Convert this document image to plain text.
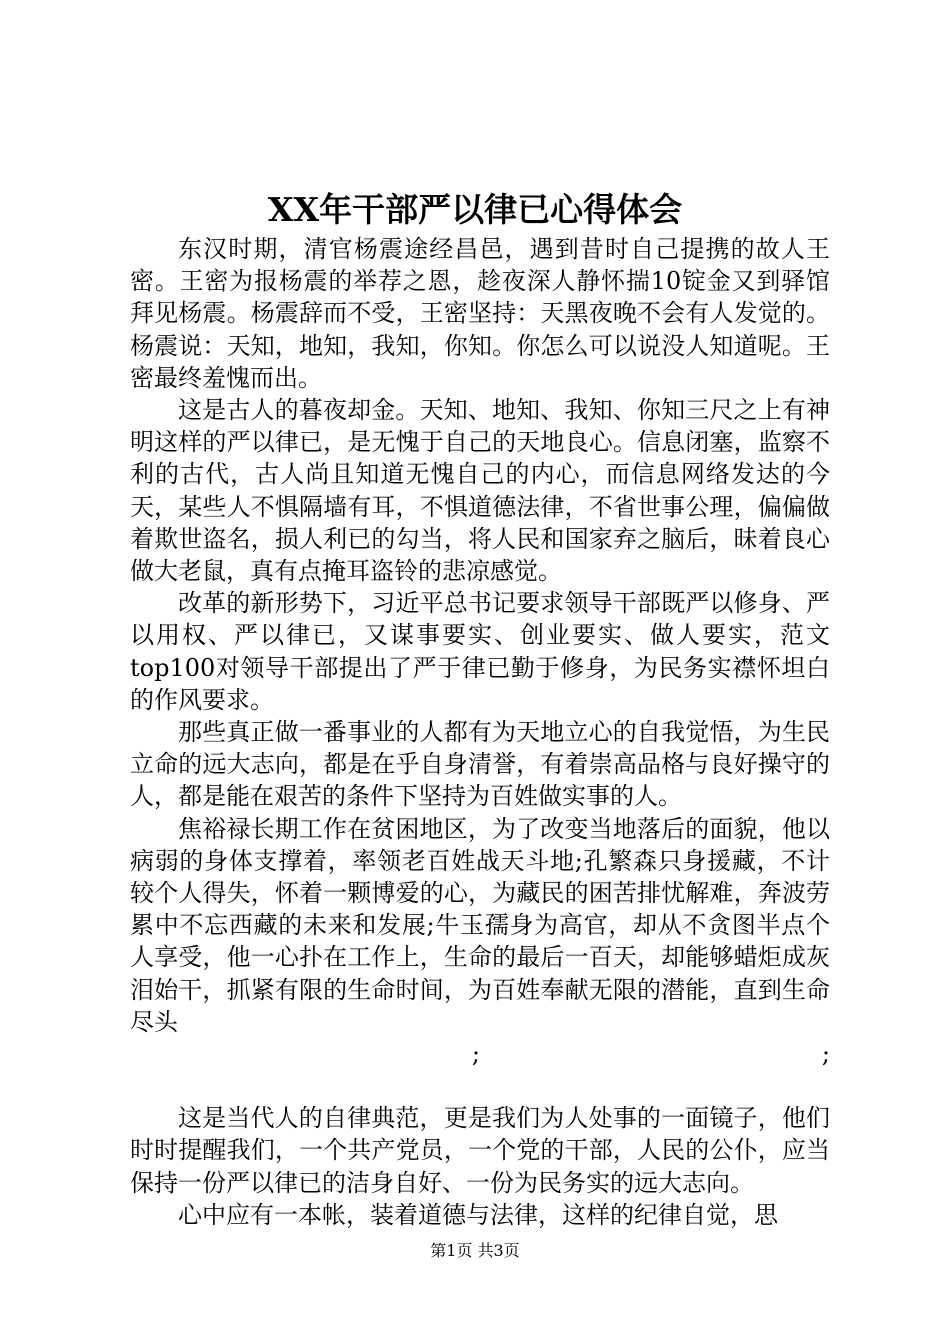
XX年干部严以律已心得体会

东汉时期，清官杨震途经昌邑，遇到昔时自己提携的故人王密。王密为报杨震的举荐之恩，趁夜深人静怀揣10锭金又到驿馆拜见杨震。杨震辞而不受，王密坚持：天黑夜晚不会有人发觉的。杨震说：天知，地知，我知，你知。你怎么可以说没人知道呢。王密最终羞愧而出。

这是古人的暮夜却金。天知、地知、我知、你知三尺之上有神明这样的严以律已，是无愧于自己的天地良心。信息闭塞，监察不利的古代，古人尚且知道无愧自己的内心，而信息网络发达的今天，某些人不惧隔墙有耳，不惧道德法律，不省世事公理，偏偏做着欺世盗名，损人利已的勾当，将人民和国家弃之脑后，昧着良心做大老鼠，真有点掩耳盗铃的悲凉感觉。

改革的新形势下，习近平总书记要求领导干部既严以修身、严以用权、严以律已，又谋事要实、创业要实、做人要实，范文top100对领导干部提出了严于律已勤于修身，为民务实襟怀坦白的作风要求。

那些真正做一番事业的人都有为天地立心的自我觉悟，为生民立命的远大志向，都是在乎自身清誉，有着崇高品格与良好操守的人，都是能在艰苦的条件下坚持为百姓做实事的人。

焦裕禄长期工作在贫困地区，为了改变当地落后的面貌，他以病弱的身体支撑着，率领老百姓战天斗地;孔繁森只身援藏，不计较个人得失，怀着一颗博爱的心，为藏民的困苦排忧解难，奔波劳累中不忘西藏的未来和发展;牛玉孺身为高官，却从不贪图半点个人享受，他一心扑在工作上，生命的最后一百天，却能够蜡炬成灰泪始干，抓紧有限的生命时间，为百姓奉献无限的潜能，直到生命尽头

;	;

这是当代人的自律典范，更是我们为人处事的一面镜子，他们时时提醒我们，一个共产党员，一个党的干部，人民的公仆，应当保持一份严以律已的洁身自好、一份为民务实的远大志向。

心中应有一本帐，装着道德与法律，这样的纪律自觉，思

第1页 共3页
